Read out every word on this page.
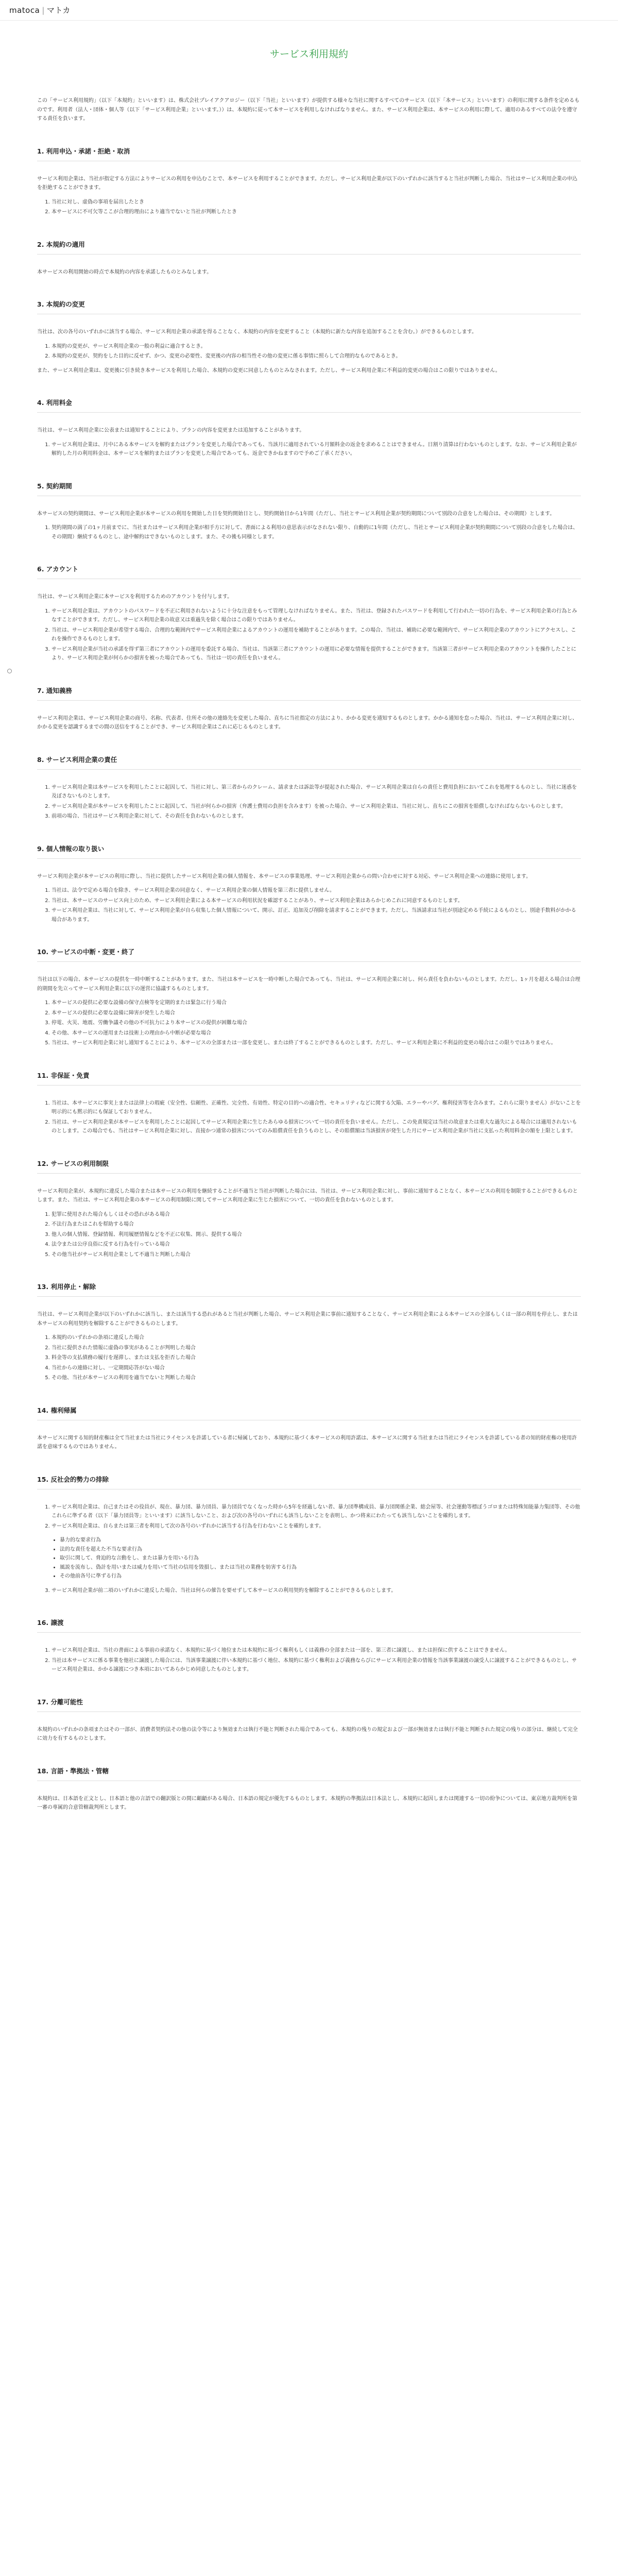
matoca | マトカ
サービス利用規約

この「サービス利用規約」（以下「本規約」といいます）は、株式会社プレイアクアロジー（以下「当社」といいます）が提供する様々な当社に関するすべてのサービス（以下「本サービス」といいます）の利用に関する条件を定めるものです。利用者（法人・団体・個人等（以下「サービス利用企業」といいます。））は、本規約に従って本サービスを利用しなければなりません。また、サービス利用企業は、本サービスの利用に際して、適用のあるすべての法令を遵守する責任を負います。

1. 利用申込・承諾・拒絶・取消

サービス利用企業は、当社が指定する方法によりサービスの利用を申込むことで、本サービスを利用することができます。ただし、サービス利用企業が以下のいずれかに該当すると当社が判断した場合、当社はサービス利用企業の申込を拒絶することができます。

1. 当社に対し、虚偽の事項を届出したとき
2. 本サービスに不可欠等ここが合理的理由により適当でないと当社が判断したとき
2. 本規約の適用

本サービスの利用開始の時点で本規約の内容を承諾したものとみなします。

3. 本規約の変更

当社は、次の各号のいずれかに該当する場合、サービス利用企業の承諾を得ることなく、本規約の内容を変更すること（本規約に新たな内容を追加することを含む。）ができるものとします。

1. 本規約の変更が、サービス利用企業の一般の利益に適合するとき。
2. 本規約の変更が、契約をした目的に反せず、かつ、変更の必要性、変更後の内容の相当性その他の変更に係る事情に照らして合理的なものであるとき。

また、サービス利用企業は、変更後に引き続き本サービスを利用した場合、本規約の変更に同意したものとみなされます。ただし、サービス利用企業に不利益的変更の場合はこの限りではありません。

4. 利用料金

当社は、サービス利用企業に公表または通知することにより、プランの内容を変更または追加することがあります。

1. サービス利用企業は、月中にある本サービスを解約またはプランを変更した場合であっても、当該月に適用されている月額料金の返金を求めることはできません。日割り清算は行わないものとします。なお、サービス利用企業が解約した月の利用料金は、本サービスを解約またはプランを変更した場合であっても、返金できかねますので予めご了承ください。
5. 契約期間

本サービスの契約期間は、サービス利用企業が本サービスの利用を開始した日を契約開始日とし、契約開始日から1年間（ただし、当社とサービス利用企業が契約期間について別段の合意をした場合は、その期間）とします。

1. 契約期間の満了の1ヶ月前までに、当社またはサービス利用企業が相手方に対して、書面による利用の意思表示がなされない限り、自動的に1年間（ただし、当社とサービス利用企業が契約期間について別段の合意をした場合は、その期間）継続するものとし、途中解約はできないものとします。また、その後も同様とします。
6. アカウント

当社は、サービス利用企業に本サービスを利用するためのアカウントを付与します。

1. サービス利用企業は、アカウントのパスワードを不正に利用されないように十分な注意をもって管理しなければなりません。また、当社は、登録されたパスワードを利用して行われた一切の行為を、サービス利用企業の行為とみなすことができます。ただし、サービス利用企業の故意又は重過失を除く場合はこの限りではありません。
2. 当社は、サービス利用企業が希望する場合、合理的な範囲内でサービス利用企業によるアカウントの運用を補助することがあります。この場合、当社は、補助に必要な範囲内で、サービス利用企業のアカウントにアクセスし、これを操作できるものとします。
3. サービス利用企業が当社の承諾を得ず第三者にアカウントの運用を委託する場合、当社は、当該第三者にアカウントの運用に必要な情報を提供することができます。当該第三者がサービス利用企業のアカウントを操作したことにより、サービス利用企業が何らかの損害を被った場合であっても、当社は一切の責任を負いません。
7. 通知義務

サービス利用企業は、サービス利用企業の商号、名称、代表者、住所その他の連絡先を変更した場合、直ちに当社指定の方法により、かかる変更を通知するものとします。かかる通知を怠った場合、当社は、サービス利用企業に対し、かかる変更を認識するまでの間の送信をすることができ、サービス利用企業はこれに応じるものとします。

8. サービス利用企業の責任
1. サービス利用企業は本サービスを利用したことに起因して、当社に対し、第三者からのクレーム、請求または訴訟等が提起された場合、サービス利用企業は自らの責任と費用負担においてこれを処理するものとし、当社に迷惑を及ぼさないものとします。
2. サービス利用企業が本サービスを利用したことに起因して、当社が何らかの損害（弁護士費用の負担を含みます）を被った場合、サービス利用企業は、当社に対し、直ちにこの損害を賠償しなければならないものとします。
3. 前項の場合、当社はサービス利用企業に対して、その責任を負わないものとします。
9. 個人情報の取り扱い

サービス利用企業が本サービスの利用に際し、当社に提供したサービス利用企業の個人情報を、本サービスの事業処理、サービス利用企業からの問い合わせに対する対応、サービス利用企業への連絡に使用します。

1. 当社は、法令で定める場合を除き、サービス利用企業の同意なく、サービス利用企業の個人情報を第三者に提供しません。
2. 当社は、本サービスのサービス向上のため、サービス利用企業による本サービスの利用状況を確認することがあり、サービス利用企業はあらかじめこれに同意するものとします。
3. サービス利用企業は、当社に対して、サービス利用企業が自ら収集した個人情報について、開示、訂正、追加及び削除を請求することができます。ただし、当該請求は当社が別途定める手続によるものとし、別途手数料がかかる場合があります。
10. サービスの中断・変更・終了

当社は以下の場合、本サービスの提供を一時中断することがあります。また、当社は本サービスを一時中断した場合であっても、当社は、サービス利用企業に対し、何ら責任を負わないものとします。ただし、1ヶ月を超える場合は合理的期間を先立ってサービス利用企業に以下の運営に協議するものとします。

1. 本サービスの提供に必要な設備の保守点検等を定期的または緊急に行う場合
2. 本サービスの提供に必要な設備に障害が発生した場合
3. 停電、火災、地震、労働争議その他の不可抗力により本サービスの提供が困難な場合
4. その他、本サービスの運用または技術上の理由から中断が必要な場合
5. 当社は、サービス利用企業に対し通知することにより、本サービスの全部または一部を変更し、または終了することができるものとします。ただし、サービス利用企業に不利益的変更の場合はこの限りではありません。
11. 非保証・免責
1. 当社は、本サービスに事実上または法律上の瑕疵（安全性、信頼性、正確性、完全性、有効性、特定の目的への適合性、セキュリティなどに関する欠陥、エラーやバグ、権利侵害等を含みます。これらに限りません）がないことを明示的にも黙示的にも保証しておりません。
2. 当社は、サービス利用企業が本サービスを利用したことに起因してサービス利用企業に生じたあらゆる損害について一切の責任を負いません。ただし、この免責規定は当社の故意または重大な過失による場合には適用されないものとします。この場合でも、当社はサービス利用企業に対し、直接かつ通常の損害についてのみ賠償責任を負うものとし、その賠償額は当該損害が発生した月にサービス利用企業が当社に支払った利用料金の額を上限とします。
12. サービスの利用制限

サービス利用企業が、本規約に違反した場合または本サービスの利用を継続することが不適当と当社が判断した場合には、当社は、サービス利用企業に対し、事前に通知することなく、本サービスの利用を制限することができるものとします。また、当社は、サービス利用企業の本サービスの利用制限に関してサービス利用企業に生じた損害について、一切の責任を負わないものとします。

1. 犯罪に使用された場合もしくはその恐れがある場合
2. 不法行為またはこれを幇助する場合
3. 他人の個人情報、登録情報、利用履歴情報などを不正に収集、開示、提供する場合
4. 法令または公序良俗に反する行為を行っている場合
5. その他当社がサービス利用企業として不適当と判断した場合
13. 利用停止・解除

当社は、サービス利用企業が以下のいずれかに該当し、または該当する恐れがあると当社が判断した場合、サービス利用企業に事前に通知することなく、サービス利用企業による本サービスの全部もしくは一部の利用を停止し、または本サービスの利用契約を解除することができるものとします。

1. 本規約のいずれかの条項に違反した場合
2. 当社に提供された情報に虚偽の事実があることが判明した場合
3. 料金等の支払債務の履行を遅滞し、または支払を拒否した場合
4. 当社からの連絡に対し、一定期間応答がない場合
5. その他、当社が本サービスの利用を適当でないと判断した場合
14. 権利帰属

本サービスに関する知的財産権は全て当社または当社にライセンスを許諾している者に帰属しており、本規約に基づく本サービスの利用許諾は、本サービスに関する当社または当社にライセンスを許諾している者の知的財産権の使用許諾を意味するものではありません。

15. 反社会的勢力の排除
1. サービス利用企業は、自己またはその役員が、現在、暴力団、暴力団員、暴力団員でなくなった時から5年を経過しない者、暴力団準構成員、暴力団関係企業、総会屋等、社会運動等標ぼうゴロまたは特殊知能暴力集団等、その他これらに準ずる者（以下「暴力団員等」といいます）に該当しないこと、および次の各号のいずれにも該当しないことを表明し、かつ将来にわたっても該当しないことを確約します。
2. サービス利用企業は、自らまたは第三者を利用して次の各号のいずれかに該当する行為を行わないことを確約します。
• 暴力的な要求行為
• 法的な責任を超えた不当な要求行為
• 取引に関して、脅迫的な言動をし、または暴力を用いる行為
• 風説を流布し、偽計を用いまたは威力を用いて当社の信用を毀損し、または当社の業務を妨害する行為
• その他前各号に準ずる行為
3. サービス利用企業が前二項のいずれかに違反した場合、当社は何らの催告を要せずして本サービスの利用契約を解除することができるものとします。
16. 譲渡
1. サービス利用企業は、当社の書面による事前の承諾なく、本規約に基づく地位または本規約に基づく権利もしくは義務の全部または一部を、第三者に譲渡し、または担保に供することはできません。
2. 当社は本サービスに係る事業を他社に譲渡した場合には、当該事業譲渡に伴い本規約に基づく地位、本規約に基づく権利および義務ならびにサービス利用企業の情報を当該事業譲渡の譲受人に譲渡することができるものとし、サービス利用企業は、かかる譲渡につき本項においてあらかじめ同意したものとします。
17. 分離可能性

本規約のいずれかの条項またはその一部が、消費者契約法その他の法令等により無効または執行不能と判断された場合であっても、本規約の残りの規定および一部が無効または執行不能と判断された規定の残りの部分は、継続して完全に効力を有するものとします。

18. 言語・準拠法・管轄

本規約は、日本語を正文とし、日本語と他の言語での翻訳版との間に齟齬がある場合、日本語の規定が優先するものとします。本規約の準拠法は日本法とし、本規約に起因しまたは関連する一切の紛争については、東京地方裁判所を第一審の専属的合意管轄裁判所とします。
